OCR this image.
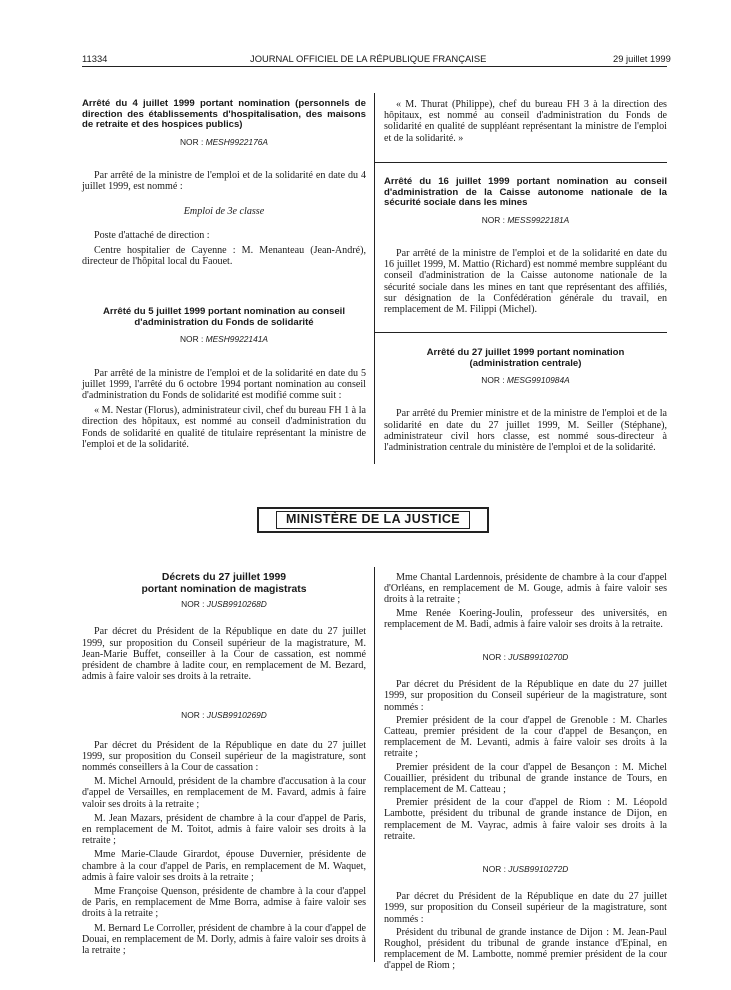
11334	JOURNAL OFFICIEL DE LA RÉPUBLIQUE FRANÇAISE	29 juillet 1999
Arrêté du 4 juillet 1999 portant nomination (personnels de direction des établissements d'hospitalisation, des maisons de retraite et des hospices publics)
NOR : MESH9922176A

Par arrêté de la ministre de l'emploi et de la solidarité en date du 4 juillet 1999, est nommé :

Emploi de 3e classe

Poste d'attaché de direction :

Centre hospitalier de Cayenne : M. Menanteau (Jean-André), directeur de l'hôpital local du Faouet.

Arrêté du 5 juillet 1999 portant nomination au conseil d'administration du Fonds de solidarité
NOR : MESH9922141A

Par arrêté de la ministre de l'emploi et de la solidarité en date du 5 juillet 1999, l'arrêté du 6 octobre 1994 portant nomination au conseil d'administration du Fonds de solidarité est modifié comme suit :

« M. Nestar (Florus), administrateur civil, chef du bureau FH 1 à la direction des hôpitaux, est nommé au conseil d'administration du Fonds de solidarité en qualité de titulaire représentant la ministre de l'emploi et de la solidarité.

« M. Thurat (Philippe), chef du bureau FH 3 à la direction des hôpitaux, est nommé au conseil d'administration du Fonds de solidarité en qualité de suppléant représentant la ministre de l'emploi et de la solidarité. »

Arrêté du 16 juillet 1999 portant nomination au conseil d'administration de la Caisse autonome nationale de la sécurité sociale dans les mines
NOR : MESS9922181A

Par arrêté de la ministre de l'emploi et de la solidarité en date du 16 juillet 1999, M. Mattio (Richard) est nommé membre suppléant du conseil d'administration de la Caisse autonome nationale de la sécurité sociale dans les mines en tant que représentant des affiliés, sur désignation de la Confédération générale du travail, en remplacement de M. Filippi (Michel).

Arrêté du 27 juillet 1999 portant nomination (administration centrale)
NOR : MESG9910984A

Par arrêté du Premier ministre et de la ministre de l'emploi et de la solidarité en date du 27 juillet 1999, M. Seiller (Stéphane), administrateur civil hors classe, est nommé sous-directeur à l'administration centrale du ministère de l'emploi et de la solidarité.

MINISTÈRE DE LA JUSTICE
Décrets du 27 juillet 1999
portant nomination de magistrats
NOR : JUSB9910268D

Par décret du Président de la République en date du 27 juillet 1999, sur proposition du Conseil supérieur de la magistrature, M. Jean-Marie Buffet, conseiller à la Cour de cassation, est nommé président de chambre à ladite cour, en remplacement de M. Bezard, admis à faire valoir ses droits à la retraite.

NOR : JUSB9910269D

Par décret du Président de la République en date du 27 juillet 1999, sur proposition du Conseil supérieur de la magistrature, sont nommés conseillers à la Cour de cassation :

M. Michel Arnould, président de la chambre d'accusation à la cour d'appel de Versailles, en remplacement de M. Favard, admis à faire valoir ses droits à la retraite ;

M. Jean Mazars, président de chambre à la cour d'appel de Paris, en remplacement de M. Toitot, admis à faire valoir ses droits à la retraite ;

Mme Marie-Claude Girardot, épouse Duvernier, présidente de chambre à la cour d'appel de Paris, en remplacement de M. Waquet, admis à faire valoir ses droits à la retraite ;

Mme Françoise Quenson, présidente de chambre à la cour d'appel de Paris, en remplacement de Mme Borra, admise à faire valoir ses droits à la retraite ;

M. Bernard Le Corroller, président de chambre à la cour d'appel de Douai, en remplacement de M. Dorly, admis à faire valoir ses droits à la retraite ;

Mme Chantal Lardennois, présidente de chambre à la cour d'appel d'Orléans, en remplacement de M. Gouge, admis à faire valoir ses droits à la retraite ;

Mme Renée Koering-Joulin, professeur des universités, en remplacement de M. Badi, admis à faire valoir ses droits à la retraite.

NOR : JUSB9910270D

Par décret du Président de la République en date du 27 juillet 1999, sur proposition du Conseil supérieur de la magistrature, sont nommés :

Premier président de la cour d'appel de Grenoble : M. Charles Catteau, premier président de la cour d'appel de Besançon, en remplacement de M. Levanti, admis à faire valoir ses droits à la retraite ;

Premier président de la cour d'appel de Besançon : M. Michel Couaillier, président du tribunal de grande instance de Tours, en remplacement de M. Catteau ;

Premier président de la cour d'appel de Riom : M. Léopold Lambotte, président du tribunal de grande instance de Dijon, en remplacement de M. Vayrac, admis à faire valoir ses droits à la retraite.

NOR : JUSB9910272D

Par décret du Président de la République en date du 27 juillet 1999, sur proposition du Conseil supérieur de la magistrature, sont nommés :

Président du tribunal de grande instance de Dijon : M. Jean-Paul Roughol, président du tribunal de grande instance d'Epinal, en remplacement de M. Lambotte, nommé premier président de la cour d'appel de Riom ;
